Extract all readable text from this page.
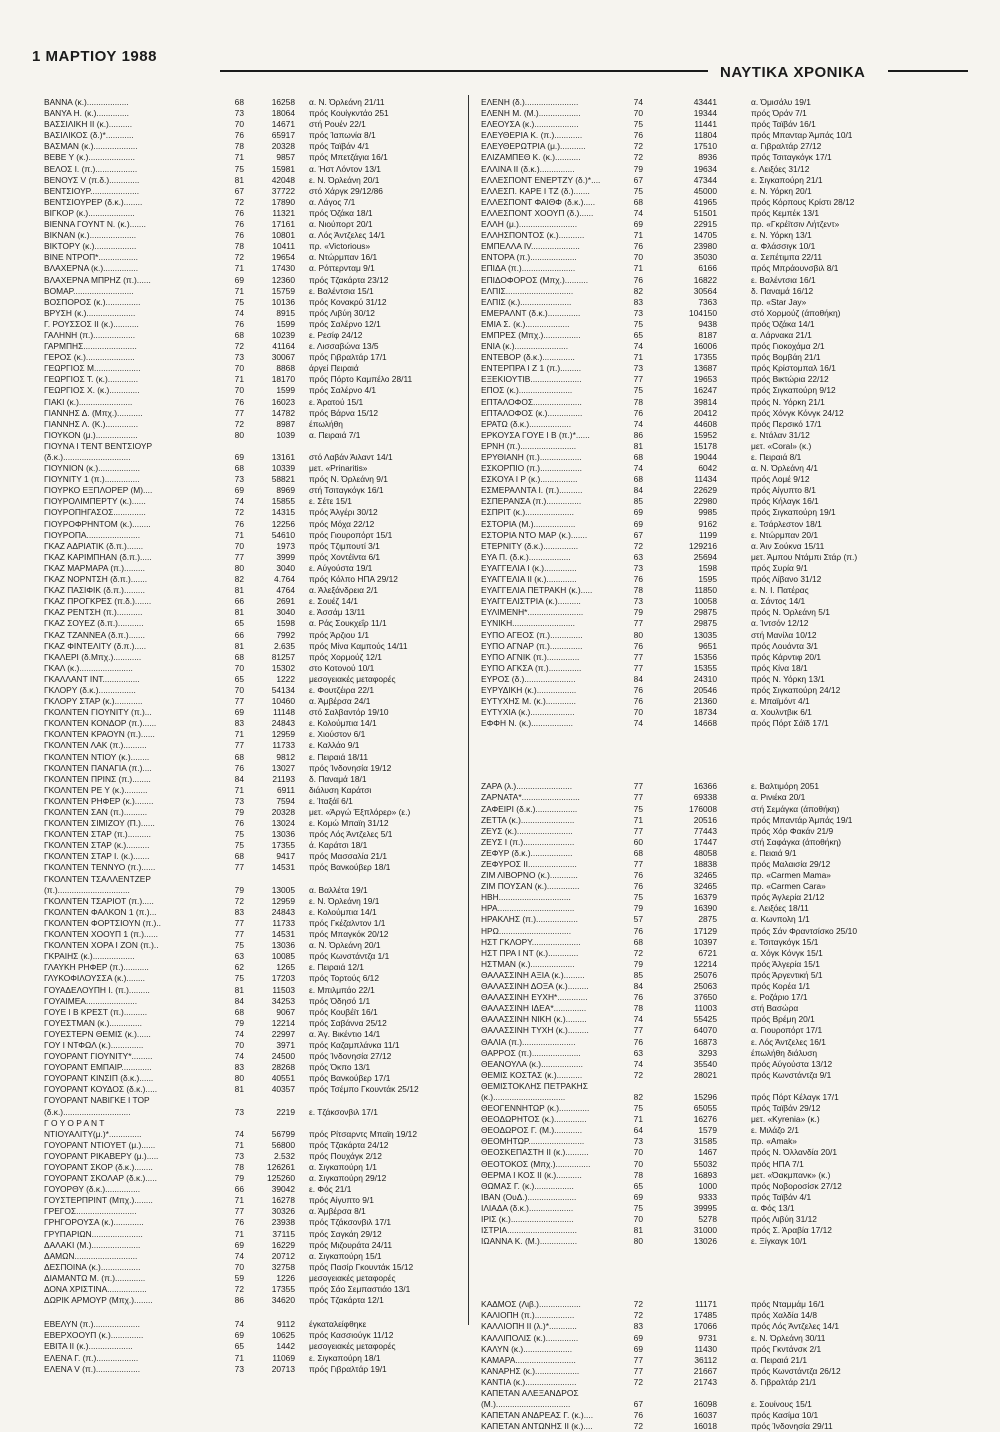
1 ΜΑΡΤΙΟΥ 1988
ΝΑΥΤΙΚΑ ΧΡΟΝΙΚΑ
ΒΑΝΝΑ (κ.)..................	68	16258	α. Ν. Όρλεάνη 21/11
ΒΑΝΥΑ Η. (κ.)..............	73	18064	πρός Κουίγκντάο 251
ΒΑΣΣΙΛΙΚΗ ΙΙ (κ.)..........	70	14671	στή Ρουέν 22/1
ΒΑΣΙΛΙΚΟΣ (δ.)*............	76	65917	πρός Ίαπωνία 8/1
ΒΑΣΜΑΝ (κ.)...................	78	20328	πρός Ταϊβάν 4/1
ΒΕΒΕ Υ (κ.)....................	71	9857	πρός Μπετζάγια 16/1
ΒΕΛΟΣ Ι. (π.)..................	75	15981	α. Ήστ Λόντον 13/1
ΒΕΝΟΥΣ V (π.δ.).............	81	42048	ε. Ν. Όρλεάνη 20/1
ΒΕΝΤΣΙΟΥΡ.....................	67	37722	στό Χάργκ 29/12/86
ΒΕΝΤΣΙΟΥΡΕΡ (δ.κ.)........	72	17890	α. Λάγος 7/1
ΒΙΓΚΟΡ (κ.)....................	76	11321	πρός Όζάκα 18/1
ΒΙΕΝΝΑ ΓΟΥΝΤ Ν. (κ.).......	76	17161	α. Νιούπορτ 20/1
ΒΙΚΝΑΝ (κ.)....................	76	10801	α. Λός Άντζελες 14/1
ΒΙΚΤΟΡΥ (κ.)..................	78	10411	πρ. «Victorious»
ΒΙΝΕ ΝΤΡΟΠ*.................	72	19654	α. Ντώρμπαν 16/1
ΒΛΑΧΕΡΝΑ (κ.)...............	71	17430	α. Ρόττερνταμ 9/1
ΒΛΑΧΕΡΝΑ ΜΠΡΗΖ (π.)......	69	12360	πρός Τζακάρτα 23/12
ΒΟΜΑΡ..........................	71	15759	ε. Βαλέντσια 15/1
ΒΟΣΠΟΡΟΣ (κ.)...............	75	10136	πρός Κονακρύ 31/12
ΒΡΥΣΗ (κ.).....................	74	8915	πρός Λιβύη 30/12
Γ. ΡΟΥΣΣΟΣ ΙΙ (κ.)...........	76	1599	πρός Σαλέρνο 12/1
ΓΑΛΗΝΗ (π.)..................	68	10239	ε. Ρεσίφ 24/12
ΓΑΡΜΠΗΣ.......................	72	41164	ε. Λισσαβώνα 13/5
ΓΕΡΟΣ (κ.).....................	73	30067	πρός Γιβραλτάρ 17/1
ΓΕΩΡΓΙΟΣ Μ....................	70	8868	άργεί Πειραιά
ΓΕΩΡΓΙΟΣ Τ. (κ.).............	71	18170	πρός Πόρτο Καμπέλο 28/11
ΓΕΩΡΓΙΟΣ Χ. (κ.).............	70	1599	πρός Σαλέρνο 4/1
ΓΙΑΚΙ (κ.).......................	76	16023	ε. Άρατού 15/1
ΓΙΑΝΝΗΣ Δ. (Μπχ.)...........	77	14782	πρός Βάρνα 15/12
ΓΙΑΝΝΗΣ Λ. (Κ.)..............	72	8987	έπωλήθη
ΓΙΟΥΚΟΝ (μ.)..................	80	1039	α. Πειραιά 7/1
ΓΙΟΥΝΑ Ι ΤΕΝΤ ΒΕΝΤΣΙΟΥΡ
(δ.κ.).............................	69	13161	στό Λαβάν Άιλαντ 14/1
ΓΙΟΥΝΙΟΝ (κ.)..................	68	10339	μετ. «Prinaritis»
ΓΙΟΥΝΙΤΥ 1 (π.)...............	73	58821	πρός Ν. Όρλεάνη 9/1
ΓΙΟΥΡΚΟ ΕΞΠΛΟΡΕΡ (Μ)....	69	8969	στή Τσιταγκόγκ 16/1
ΓΙΟΥΡΟΛΙΜΠΕΡΤΥ (κ.)......	74	15855	ε. Σέτε 15/1
ΓΙΟΥΡΟΠΗΓΑΣΟΣ..............	72	14315	πρός Άλγέρι 30/12
ΓΙΟΥΡΟΦΡΗΝΤΟΜ (κ.)........	76	12256	πρός Μόχα 22/12
ΓΙΟΥΡΟΠΑ.......................	71	54610	πρός Γιουροπόρτ 15/1
ΓΚΑΖ ΑΔΡΙΑΤΙΚ (δ.π.).......	70	1973	πρός Τζιμπουτί 3/1
ΓΚΑΖ ΚΑΡΙΜΠΗΑΝ (δ.π.).....	77	3999	πρός Χοντέϊντα 6/1
ΓΚΑΖ ΜΑΡΜΑΡΑ (π.).........	80	3040	ε. Αύγούστα 19/1
ΓΚΑΖ ΝΟΡΝΤΣΗ (δ.π.).......	82	4.764	πρός Κόλπο ΗΠΑ 29/12
ΓΚΑΖ ΠΑΣΙΦΙΚ (δ.π.).........	81	4764	α. Άλεξάνδρεια 2/1
ΓΚΑΖ ΠΡΟΓΚΡΕΣ (π.δ.).......	66	2691	ε. Σουέζ 14/1
ΓΚΑΖ ΡΕΝΤΣΗ (π.)...........	81	3040	ε. Άσσάμ 13/11
ΓΚΑΖ ΣΟΥΕΖ (δ.π.)...........	65	1598	α. Ράς Σουκχεΐρ 11/1
ΓΚΑΖ ΤΖΑΝΝΕΑ (δ.π.).......	66	7992	πρός Άρζιου 1/1
ΓΚΑΖ ΦΙΝΤΕΛΙΤΥ (δ.π.).....	81	2.635	πρός Μίνα Καμπούς 14/11
ΓΚΑΛΕΡΙ (δ.Μπχ.)............	68	81257	πρός Χορμούζ 12/1
ΓΚΑΛ (κ.).......................	70	15302	στο Κοτονού 10/1
ΓΚΑΛΛΑΝΤ ΙΝΤ................	65	1222	μεσογειακές μεταφορές
ΓΚΛΟΡΥ (δ.κ.)................	70	54134	ε. Φουτζέιρα 22/1
ΓΚΛΟΡΥ ΣΤΑΡ (κ.)............	77	10460	α. Άμβέρσα 24/1
ΓΚΟΛΝΤΕΝ ΓΙΟΥΝΙΤΥ (π.)...	69	11148	στό Σαλβαντόρ 19/10
ΓΚΟΛΝΤΕΝ ΚΟΝΔΟΡ (π.)......	83	24843	ε. Κολούμπια 14/1
ΓΚΟΛΝΤΕΝ ΚΡΑΟΥΝ (π.)......	71	12959	ε. Χιούστον 6/1
ΓΚΟΛΝΤΕΝ ΛΑΚ (π.)..........	77	11733	ε. Καλλάο 9/1
ΓΚΟΛΝΤΕΝ ΝΤΙΟΥ (κ.)........	68	9812	ε. Πειραιά 18/11
ΓΚΟΛΝΤΕΝ ΠΑΝΑΓΙΑ (π.)....	76	13027	πρός Ίνδονησία 19/12
ΓΚΟΛΝΤΕΝ ΠΡΙΝΣ (π.)........	84	21193	δ. Παναμά 18/1
ΓΚΟΛΝΤΕΝ ΡΕ Υ (κ.)..........	71	6911	διάλυση Καράτσι
ΓΚΟΛΝΤΕΝ ΡΗΦΕΡ (κ.)........	73	7594	ε. Ίταξάϊ 6/1
ΓΚΟΛΝΤΕΝ ΣΑΝ (π.)..........	79	20328	μετ. «Άργώ Έξπλόρερ» (ε.)
ΓΚΟΛΝΤΕΝ ΣΙΜΙΖΟΥ (Π.)......	76	13024	ε. Κομώ Μπαϊη 31/12
ΓΚΟΛΝΤΕΝ ΣΤΑΡ (π.)..........	75	13036	πρός Λός Άντζελες 5/1
ΓΚΟΛΝΤΕΝ ΣΤΑΡ (κ.)..........	75	17355	ά. Καράτσι 18/1
ΓΚΟΛΝΤΕΝ ΣΤΑΡ Ι. (κ.).......	68	9417	πρός Μασσαλία 21/1
ΓΚΟΛΝΤΕΝ ΤΕΝΝΥΟ (π.)......	77	14531	πρός Βανκούβερ 18/1
ΓΚΟΛΝΤΕΝ ΤΣΑΛΛΕΝΤΖΕΡ
(π.)...............................	79	13005	α. Βαλλέτα 19/1
ΓΚΟΛΝΤΕΝ ΤΣΑΡΙΟΤ (π.).....	72	12959	ε. Ν. Όρλεάνη 19/1
ΓΚΟΛΝΤΕΝ ΦΑΛΚΟΝ 1 (π.)...	83	24843	ε. Κολούμπια 14/1
ΓΚΟΛΝΤΕΝ ΦΟΡΤΣΙΟΥΝ (π.)..	77	11733	πρός Γκέζαλντον 1/1
ΓΚΟΛΝΤΕΝ ΧΟΟΥΠ 1 (π.)......	77	14531	πρός Μπαγκόκ 20/12
ΓΚΟΛΝΤΕΝ ΧΟΡΑ Ι ΖΟΝ (π.)..	75	13036	α. Ν. Όρλεάνη 20/1
ΓΚΡΑΙΗΣ (κ.)..................	63	10085	πρός Κωνστάντζα 1/1
ΓΛΑΥΚΗ ΡΗΦΕΡ (π.)...........	62	1265	ε. Πειραιά 12/1
ΓΛΥΚΟΦΙΛΟΥΣΣΑ (κ.)........	75	17203	πρός Τορτούς 6/12
ΓΟΥΑΔΕΛΟΥΠΗ Ι. (π.).........	81	11503	ε. Μπιλμπάο 22/1
ΓΟΥΑΙΜΕΑ......................	84	34253	πρός Όδησό 1/1
ΓΟΥΕ Ι Β ΚΡΕΣΤ (π.)..........	68	9067	πρός Κουβέϊτ 16/1
ΓΟΥΕΣΤΜΑΝ (κ.)..............	79	12214	πρός Σαβάννα 25/12
ΓΟΥΕΣΤΕΡΝ ΘΕΜΙΣ (κ.)......	74	22997	α. Άγ. Βικέντιο 14/1
ΓΟΥ Ι ΝΤΦΩΛ (κ.)..............	70	3971	πρός Καζαμπλάνκα 11/1
ΓΟΥΟΡΑΝΤ ΓΙΟΥΝΙΤΥ*.........	74	24500	πρός Ίνδονησία 27/12
ΓΟΥΟΡΑΝΤ ΕΜΠΑΙΡ.............	83	28268	πρός Όκπο 13/1
ΓΟΥΟΡΑΝΤ ΚΙΝΣΙΠ (δ.κ.)......	80	40551	πρός Βανκούβερ 17/1
ΓΟΥΟΡΑΝΤ ΚΟΥΔΟΣ (δ.κ.).....	81	40357	πρός Τσέμπο Γκουντάκ 25/12
ΓΟΥΟΡΑΝΤ ΝΑΒΙΓΚΕ Ι ΤΟΡ
(δ.κ.).............................	73	2219	ε. Τζάκσονβιλ 17/1
Γ Ο Υ Ο Ρ Α Ν Τ
ΝΤΙΟΥΑΛΙΤΥ(μ.)*..............	74	56799	πρός Ρίτσαρντς Μπαϊη 19/12
ΓΟΥΟΡΑΝΤ ΝΤΙΟΥΕΤ (μ.)......	71	56800	πρός Τζακάρτα 24/12
ΓΟΥΟΡΑΝΤ ΡΙΚΑΒΕΡΥ (μ.).....	73	2.532	πρός Πουχάγκ 2/12
ΓΟΥΟΡΑΝΤ ΣΚΟΡ (δ.κ.)........	78	126261	α. Σιγκαπούρη 1/1
ΓΟΥΟΡΑΝΤ ΣΚΟΛΑΡ (δ.κ.).....	79	125260	α. Σιγκαπούρη 29/12
ΓΟΥΟΡΘΥ (δ.κ.)...............	66	39042	ε. Φός 21/1
ΓΟΥΣΤΕΡΠΡΙΝΤ (Μπχ.)........	71	16278	πρός Αίγυπτο 9/1
ΓΡΕΓΟΣ..........................	77	30326	α. Άμβέρσα 8/1
ΓΡΗΓΟΡΟΥΣΑ (κ.).............	76	23938	πρός Τζάκσονβιλ 17/1
ΓΡΥΠΑΡΙΩΝ......................	71	37115	πρός Σαγκάη 29/12
ΔΑΛΑΚΙ (Μ.).....................	69	16229	πρός Μιζουράτα 24/11
ΔΑΜΩΝ...........................	74	20712	α. Σιγκαπούρη 15/1
ΔΕΣΠΟΙΝΑ (κ.).................	70	32758	πρός Πασίρ Γκουντάκ 15/12
ΔΙΑΜΑΝΤΩ Μ. (π.).............	59	1226	μεσογειακές μεταφορές
ΔΟΝΑ ΧΡΙΣΤΙΝΑ.................	72	17355	πρός Σάο Σεμπαστιάο 13/1
ΔΩΡΙΚ ΑΡΜΟΥΡ (Μπχ.)........	86	34620	πρός Τζακάρτα 12/1
ΕΒΕΛΥΝ (π.)....................	74	9112	έγκαταλείφθηκε
ΕΒΕΡΧΟΟΥΠ (κ.)..............	69	10625	πρός Κασσιούγκ 11/12
ΕΒΙΤΑ ΙΙ (κ.)...................	65	1442	μεσογειακές μεταφορές
ΕΛΕΝΑ Γ. (π.)..................	71	11069	ε. Σιγκαπούρη 18/1
ΕΛΕΝΑ V (π.)...................	73	20713	πρός Γιβραλτάρ 19/1
ΕΛΕΝΗ (δ.).......................	74	43441	α. Όμισάλυ 19/1
ΕΛΕΝΗ Μ. (Μ.)..................	70	19344	πρός Όράν 7/1
ΕΛΕΟΥΣΑ (κ.)...................	75	11441	πρός Ταϊβάν 16/1
ΕΛΕΥΘΕΡΙΑ Κ. (π.)............	76	11804	πρός Μπανταρ Άμπάς 10/1
ΕΛΕΥΘΕΡΩΤΡΙΑ (μ.)...........	72	17510	α. Γιβραλτάρ 27/12
ΕΛΙΖΑΜΠΕΘ Κ. (κ.)...........	72	8936	πρός Τσιταγκόγκ 17/1
ΕΛΛΙΝΑ ΙΙ (δ.κ.)...............	79	19634	ε. Λειξόες 31/12
ΕΛΛΕΣΠΟΝΤ ΕΝΕΡΤΖΥ (δ.)*....	67	47344	ε. Σιγκαπούρη 21/1
ΕΛΛΕΣΠ. ΚΑΡΕ Ι ΤΖ (δ.).......	75	45000	ε. Ν. Υόρκη 20/1
ΕΛΛΕΣΠΟΝΤ ΦΑΙΘΦ (δ.κ.).....	68	41965	πρός Κόρπους Κρίστι 28/12
ΕΛΛΕΣΠΟΝΤ ΧΟΟΥΠ (δ.)......	74	51501	πρός Κεμπέκ 13/1
ΕΛΛΗ (μ.).........................	69	22915	πρ. «Γκρέϊτσιν Λήτζεντ»
ΕΛΛΗΣΠΟΝΤΟΣ (κ.)...........	71	14705	ε. Ν. Υόρκη 13/1
ΕΜΠΕΛΛΑ IV.....................	76	23980	α. Φλάσσιγκ 10/1
ΕΝΤΟΡΑ (π.)....................	70	35030	α. Σεπέτιμπα 22/11
ΕΠΙΔΑ (π.).......................	71	6166	πρός Μπράουνσβιλ 8/1
ΕΠΙΔΟΦΟΡΟΣ (Μπχ.)..........	76	16822	ε. Βαλέντσια 16/1
ΕΛΠΙΣ.............................	82	30564	δ. Παναμά 16/12
ΕΛΠΙΣ (κ.)......................	83	7363	πρ. «Star Jay»
ΕΜΕΡΑΛΝΤ (δ.κ.)..............	73	104150	στό Χορμούζ (άποθήκη)
ΕΜΙΑ Σ. (κ.)...................	75	9438	πρός Όζάκα 14/1
ΕΜΠΡΕΣ (Μπχ.)................	65	8187	α. Λάρνακα 21/1
ΕΝΙΑ (κ.).......................	74	16006	πρός Γιοκοχάμα 2/1
ΕΝΤΕΒΟΡ (δ.κ.)..............	71	17355	πρός Βομβάη 21/1
ΕΝΤΕΡΠΡΑ Ι Ζ 1 (π.).........	73	13687	πρός Κρίστομπαλ 16/1
ΕΞΕΚΙΟΥΤΙΒ......................	77	19653	πρός Βικτώρια 22/12
ΕΠΟΣ (κ.).......................	75	16247	πρός Σιγκαπούρη 9/12
ΕΠΤΑΛΟΦΟΣ.....................	78	39814	πρός Ν. Υόρκη 21/1
ΕΠΤΑΛΟΦΟΣ (κ.)...............	76	20412	πρός Χόνγκ Κόνγκ 24/12
ΕΡΑΤΩ (δ.κ.)..................	74	44608	πρός Περσικό 17/1
ΕΡΚΟΥΣΑ ΓΟΥΕ Ι Β (π.)*......	86	15952	ε. Ντάλαν 31/12
ΕΡΝΗ (π.)........................	81	15178	μετ. «Coral» (κ.)
ΕΡΥΘΙΑΝΗ (π.)..................	68	19044	ε. Πειραιά 8/1
ΕΣΚΟΡΠΙΟ (π.)..................	74	6042	α. Ν. Όρλεάνη 4/1
ΕΣΚΟΥΑ Ι Ρ (κ.)................	68	11434	πρός Λομέ 9/12
ΕΣΜΕΡΑΛΝΤΑ Ι. (π.)..........	84	22629	πρός Αίγυπτο 8/1
ΕΣΠΕΡΑΝΣΑ (π.)...............	85	22980	πρός Κήλαγκ 16/1
ΕΣΠΡΙΤ (κ.).....................	69	9985	πρός Σιγκαπούρη 19/1
ΕΣΤΟΡΙΑ (Μ.)..................	69	9162	ε. Τσάρλεστον 18/1
ΕΣΤΟΡΙΑ ΝΤΟ ΜΑΡ (κ.).......	67	1199	ε. Ντώρμπαν 20/1
ΕΤΕΡΝΙΤΥ (δ.κ.)...............	72	129216	α. Άιν Σούκνα 15/11
ΕΥΑ Π. (δ.κ.)..................	63	25694	μετ. Άμπου Ντάμπι Στάρ (π.)
ΕΥΑΓΓΕΛΙΑ Ι (κ.)..............	73	1598	πρός Συρία 9/1
ΕΥΑΓΓΕΛΙΑ ΙΙ (κ.).............	76	1595	πρός Λίβανο 31/12
ΕΥΑΓΓΕΛΙΑ ΠΕΤΡΑΚΗ (κ.).....	78	11850	ε. Ν. Ι. Πατέρας
ΕΥΑΓΓΕΛΙΣΤΡΙΑ (κ.)..........	73	10058	α. Σάντος 14/1
ΕΥΛΙΜΕΝΗ*........................	79	29875	πρός Ν. Όρλεάνη 5/1
ΕΥΝΙΚΗ...........................	77	29875	α. Ίντσόν 12/12
ΕΥΠΟ ΑΓΕΟΣ (π.)..............	80	13035	στή Μανίλα 10/12
ΕΥΠΟ ΑΓΝΑΡ (π.)..............	76	9651	πρός Λουάντα 3/1
ΕΥΠΟ ΑΓΝΙΚ (π.)..............	77	15356	πρός Κάρντιφ 20/1
ΕΥΠΟ ΑΓΚΣΑ (π.)..............	77	15355	πρός Κίνα 18/1
ΕΥΡΟΣ (δ.)......................	84	24310	πρός Ν. Υόρκη 13/1
ΕΥΡΥΔΙΚΗ (κ.).................	76	20546	πρός Σιγκαπούρη 24/12
ΕΥΤΥΧΗΣ Μ. (κ.).............	76	21360	ε. Μπαϊμόντ 4/1
ΕΥΤΥΧΙΑ (κ.)...................	70	18734	α. Χουλντβικ 6/1
ΕΦΦΗ Ν. (κ.)..................	74	14668	πρός Πόρτ Σάϊδ 17/1
ΖΑΡΑ (λ.)........................	77	16366	ε. Βαλτιμόρη 2051
ΖΑΡΝΑΤΑ*.........................	77	69338	α. Ρινιέκα 20/1
ΖΑΦΕΙΡΙ (δ.κ.)..................	75	176008	στή Σεμάγκα (άποθήκη)
ΖΕΤΤΑ (κ.).......................	71	20516	πρός Μπαντάρ Άμπάς 19/1
ΖΕΥΣ (κ.)........................	77	77443	πρός Χόρ Φακάν 21/9
ΖΕΥΣ Ι (π.)......................	60	17447	στή Σαφάγκα (άποθήκη)
ΖΕΦΥΡ (δ.κ.)..................	68	48058	ε. Πειαιά 9/1
ΖΕΦΥΡΟΣ ΙΙ.....................	77	18838	πρός Μαλαισία 29/12
ΖΙΜ ΛΙΒΟΡΝΟ (κ.)............	76	32465	πρ. «Carmen Mama»
ΖΙΜ ΠΟΥΣΑΝ (κ.)..............	76	32465	πρ. «Carmen Cara»
ΗΒΗ...............................	75	16379	πρός Άγλερία 21/12
ΗΡΑ.................................	79	16390	ε. Λειξόες 18/11
ΗΡΑΚΛΗΣ (π.)..................	57	2875	α. Κωνπολη 1/1
ΗΡΩ...............................	76	17129	πρός Σάν Φραντσίσκο 25/10
ΗΣΤ ΓΚΛΟΡΥ.....................	68	10397	ε. Τσιταγκόγκ 15/1
ΗΣΤ ΠΡΑ Ι ΝΤ (κ.).............	72	6721	α. Χόγκ Κόνγκ 15/1
ΗΣΤΜΑΝ (κ.)...................	79	12214	πρός Άλγερία 15/1
ΘΑΛΑΣΣΙΝΗ ΑΞΙΑ (κ.).........	85	25076	πρός Άργεντική 5/1
ΘΑΛΑΣΣΙΝΗ ΔΟΞΑ (κ.).........	84	25063	πρός Κορέα 1/1
ΘΑΛΑΣΣΙΝΗ ΕΥΧΗ*.............	76	37650	ε. Ροζάριο 17/1
ΘΑΛΑΣΣΙΝΗ ΙΔΕΑ*..............	78	11003	στή Βασώρα
ΘΑΛΑΣΣΙΝΗ ΝΙΚΗ (κ.).........	74	55425	πρός Βρέμη 20/1
ΘΑΛΑΣΣΙΝΗ ΤΥΧΗ (κ.).........	77	64070	α. Γιουροπόρτ 17/1
ΘΑΛΙΑ (π.).......................	76	16873	ε. Λός Άντζελες 16/1
ΘΑΡΡΟΣ (π.).....................	63	3293	έπωλήθη διάλυση
ΘΕΑΝΟΥΛΑ (κ.)..................	74	35540	πρός Αύγούστα 13/12
ΘΕΜΙΣ ΚΟΣΤΑΣ (κ.)...........	72	28021	πρός Κωνστάντζα 9/1
ΘΕΜΙΣΤΟΚΛΗΣ ΠΕΤΡΑΚΗΣ
(κ.)...............................	82	15296	πρός Πόρτ Κέλαγκ 17/1
ΘΕΟΓΕΝΝΗΤΩΡ (κ.).............	75	65055	πρός Ταϊβάν 29/12
ΘΕΟΔΩΡΗΤΟΣ (κ.)..............	71	16276	μετ. «Kyrenia» (κ.)
ΘΕΟΔΩΡΟΣ Γ. (Μ.)............	64	1579	ε. Μιλάζο 2/1
ΘΕΟΜΗΤΩΡ........................	73	31585	πρ. «Amak»
ΘΕΟΣΚΕΠΑΣΤΗ ΙΙ (κ.)..........	70	1467	πρός Ν. Όλλανδία 20/1
ΘΕΟΤΟΚΟΣ (Μπχ.)...............	70	55032	πρός ΗΠΑ 7/1
ΘΕΡΜΑ Ι ΚΟΣ ΙΙ (κ.)...........	78	16893	μετ. «Όακμπανκ» (κ.)
ΘΩΜΑΣ Γ. (κ.).................	65	1000	πρός Νοβοροσίσκ 27/12
ΙΒΑΝ (ΟυΔ.).....................	69	9333	πρός Ταϊβάν 4/1
ΙΛΙΑΔΑ (δ.κ.)...................	75	39995	α. Φός 13/1
ΙΡΙΣ (κ.)...........................	70	5278	πρός Λιβύη 31/12
ΙΣΤΡΙΑ..............................	81	31000	πρός Σ. Άραβία 17/12
ΙΩΑΝΝΑ Κ. (Μ.)................	80	13026	ε. Ξίγκαγκ 10/1
ΚΑΔΜΟΣ (Λιβ.)..................	72	11171	πρός Νταμμάμ 16/1
ΚΑΛΙΟΠΗ (π.).................	72	17485	πρός Χαλδία 14/8
ΚΑΛΛΙΟΠΗ ΙΙ (λ.)*............	83	17066	πρός Λός Άντζελες 14/1
ΚΑΛΛΙΠΟΛΙΣ (κ.)..............	69	9731	ε. Ν. Όρλεάνη 30/11
ΚΑΛΥΝ (κ.).....................	69	11430	πρός Γκντάνσκ 2/1
ΚΑΜΑΡΑ..........................	77	36112	α. Πειραιά 21/1
ΚΑΝΑΡΗΣ (κ.)...................	77	21667	πρός Κωνστάντζα 26/12
ΚΑΝΤΙΑ (κ.)......................	72	21743	δ. Γιβραλτάρ 21/1
ΚΑΠΕΤΑΝ ΑΛΕΞΑΝΔΡΟΣ
(Μ.)................................	67	16098	ε. Σουίνους 15/1
ΚΑΠΕΤΑΝ ΑΝΔΡΕΑΣ Γ. (κ.)....	76	16037	πρός Κασίμα 10/1
ΚΑΠΕΤΑΝ ΑΝΤΩΝΗΣ ΙΙ (κ.)....	72	16018	πρός Ίνδονησία 29/11
